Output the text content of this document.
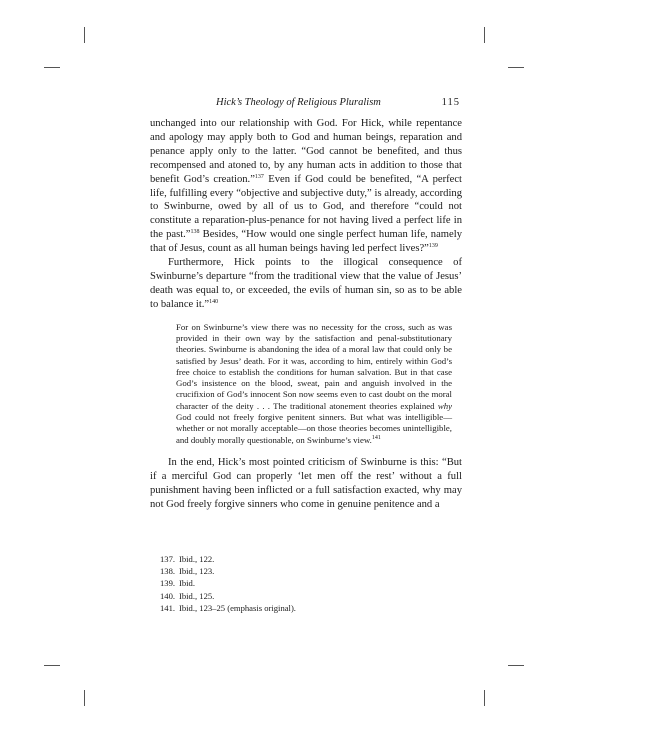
Hick’s Theology of Religious Pluralism	115

unchanged into our relationship with God. For Hick, while repentance and apology may apply both to God and human beings, reparation and penance apply only to the latter. “God cannot be benefited, and thus recompensed and atoned to, by any human acts in addition to those that benefit God’s creation.”$^{137}$ Even if God could be benefited, “A perfect life, fulfilling every “objective and subjective duty,” is already, according to Swinburne, owed by all of us to God, and therefore “could not constitute a reparation-plus-penance for not having lived a perfect life in the past.”$^{138}$ Besides, “How would one single perfect human life, namely that of Jesus, count as all human beings having led perfect lives?”$^{139}$

Furthermore, Hick points to the illogical consequence of Swinburne’s departure “from the traditional view that the value of Jesus’ death was equal to, or exceeded, the evils of human sin, so as to be able to balance it.”$^{140}$

For on Swinburne’s view there was no necessity for the cross, such as was provided in their own way by the satisfaction and penal-substitutionary theories. Swinburne is abandoning the idea of a moral law that could only be satisfied by Jesus’ death. For it was, according to him, entirely within God’s free choice to establish the conditions for human salvation. But in that case God’s insistence on the blood, sweat, pain and anguish involved in the crucifixion of God’s innocent Son now seems even to cast doubt on the moral character of the deity . . . The traditional atonement theories explained why God could not freely forgive penitent sinners. But what was intelligible—whether or not morally acceptable—on those theories becomes unintelligible, and doubly morally questionable, on Swinburne’s view.$^{141}$

In the end, Hick’s most pointed criticism of Swinburne is this: “But if a merciful God can properly ‘let men off the rest’ without a full punishment having been inflicted or a full satisfaction exacted, why may not God freely forgive sinners who come in genuine penitence and a

137 . Ibid., 122.
138 . Ibid., 123.
139 . Ibid.
140 . Ibid., 125.
141 . Ibid., 123–25 (emphasis original).
